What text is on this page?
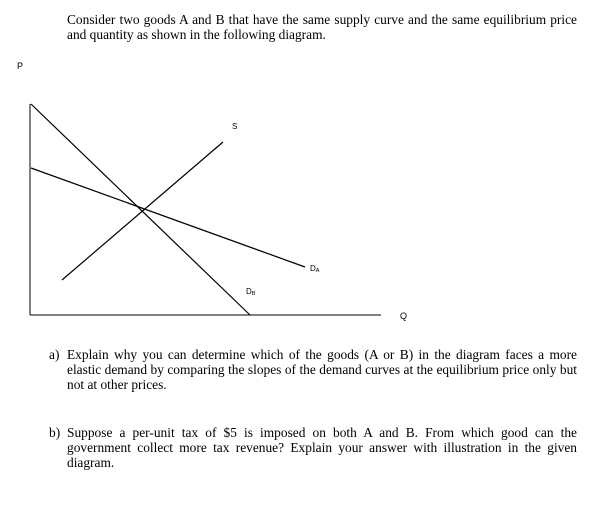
Consider two goods A and B that have the same supply curve and the same equilibrium price and quantity as shown in the following diagram.
P
S
DA
DB
Q
a) Explain why you can determine which of the goods (A or B) in the diagram faces a more elastic demand by comparing the slopes of the demand curves at the equilibrium price only but not at other prices.
b) Suppose a per-unit tax of $5 is imposed on both A and B. From which good can the government collect more tax revenue? Explain your answer with illustration in the given diagram.
